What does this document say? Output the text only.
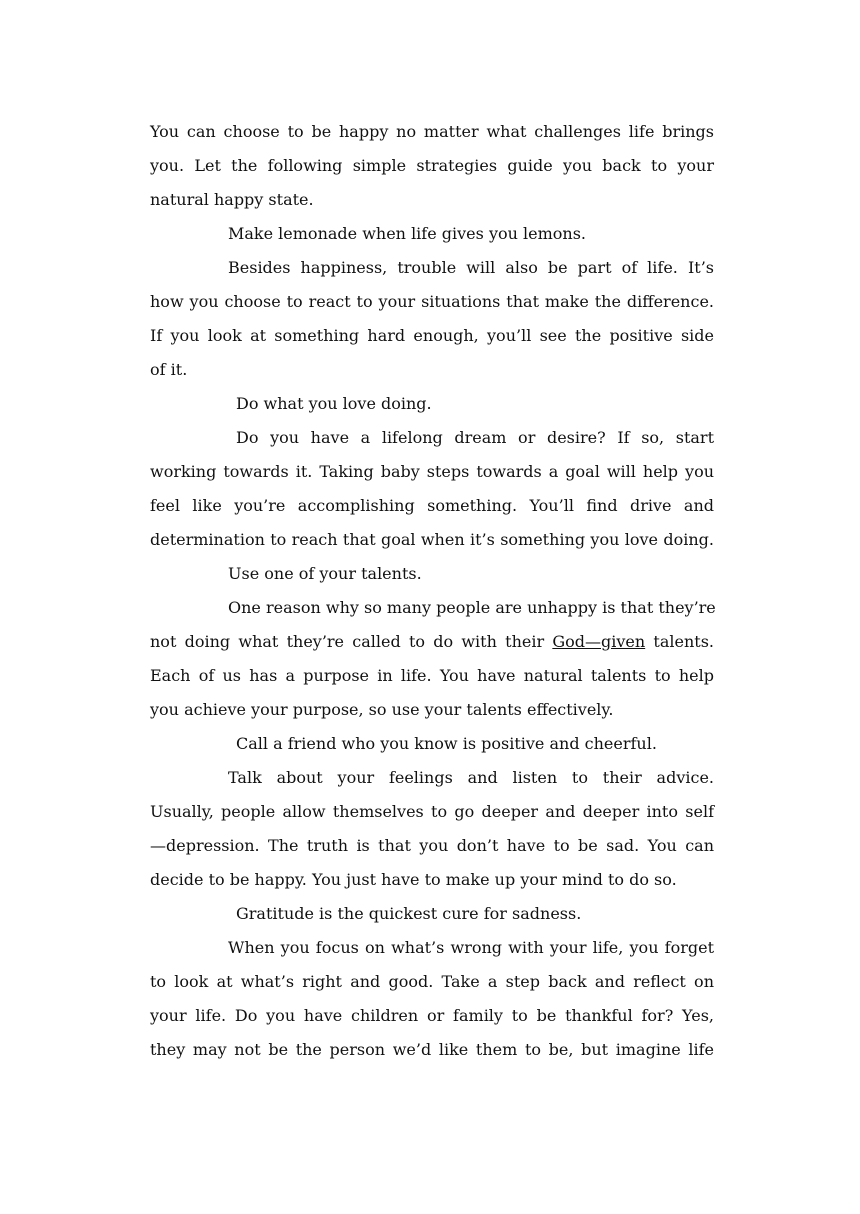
You can choose to be happy no matter what challenges life brings
you. Let the following simple strategies guide you back to your
natural happy state.
Make lemonade when life gives you lemons.
Besides happiness, trouble will also be part of life. It’s
how you choose to react to your situations that make the difference.
If you look at something hard enough, you’ll see the positive side
of it.
Do what you love doing.
Do you have a lifelong dream or desire? If so, start
working towards it. Taking baby steps towards a goal will help you
feel like you’re accomplishing something. You’ll find drive and
determination to reach that goal when it’s something you love doing.
Use one of your talents.
One reason why so many people are unhappy is that they’re
not doing what they’re called to do with their God—given talents.
Each of us has a purpose in life. You have natural talents to help
you achieve your purpose, so use your talents effectively.
Call a friend who you know is positive and cheerful.
Talk about your feelings and listen to their advice.
Usually, people allow themselves to go deeper and deeper into self
—depression. The truth is that you don’t have to be sad. You can
decide to be happy. You just have to make up your mind to do so.
Gratitude is the quickest cure for sadness.
When you focus on what’s wrong with your life, you forget
to look at what’s right and good. Take a step back and reflect on
your life. Do you have children or family to be thankful for? Yes,
they may not be the person we’d like them to be, but imagine life
